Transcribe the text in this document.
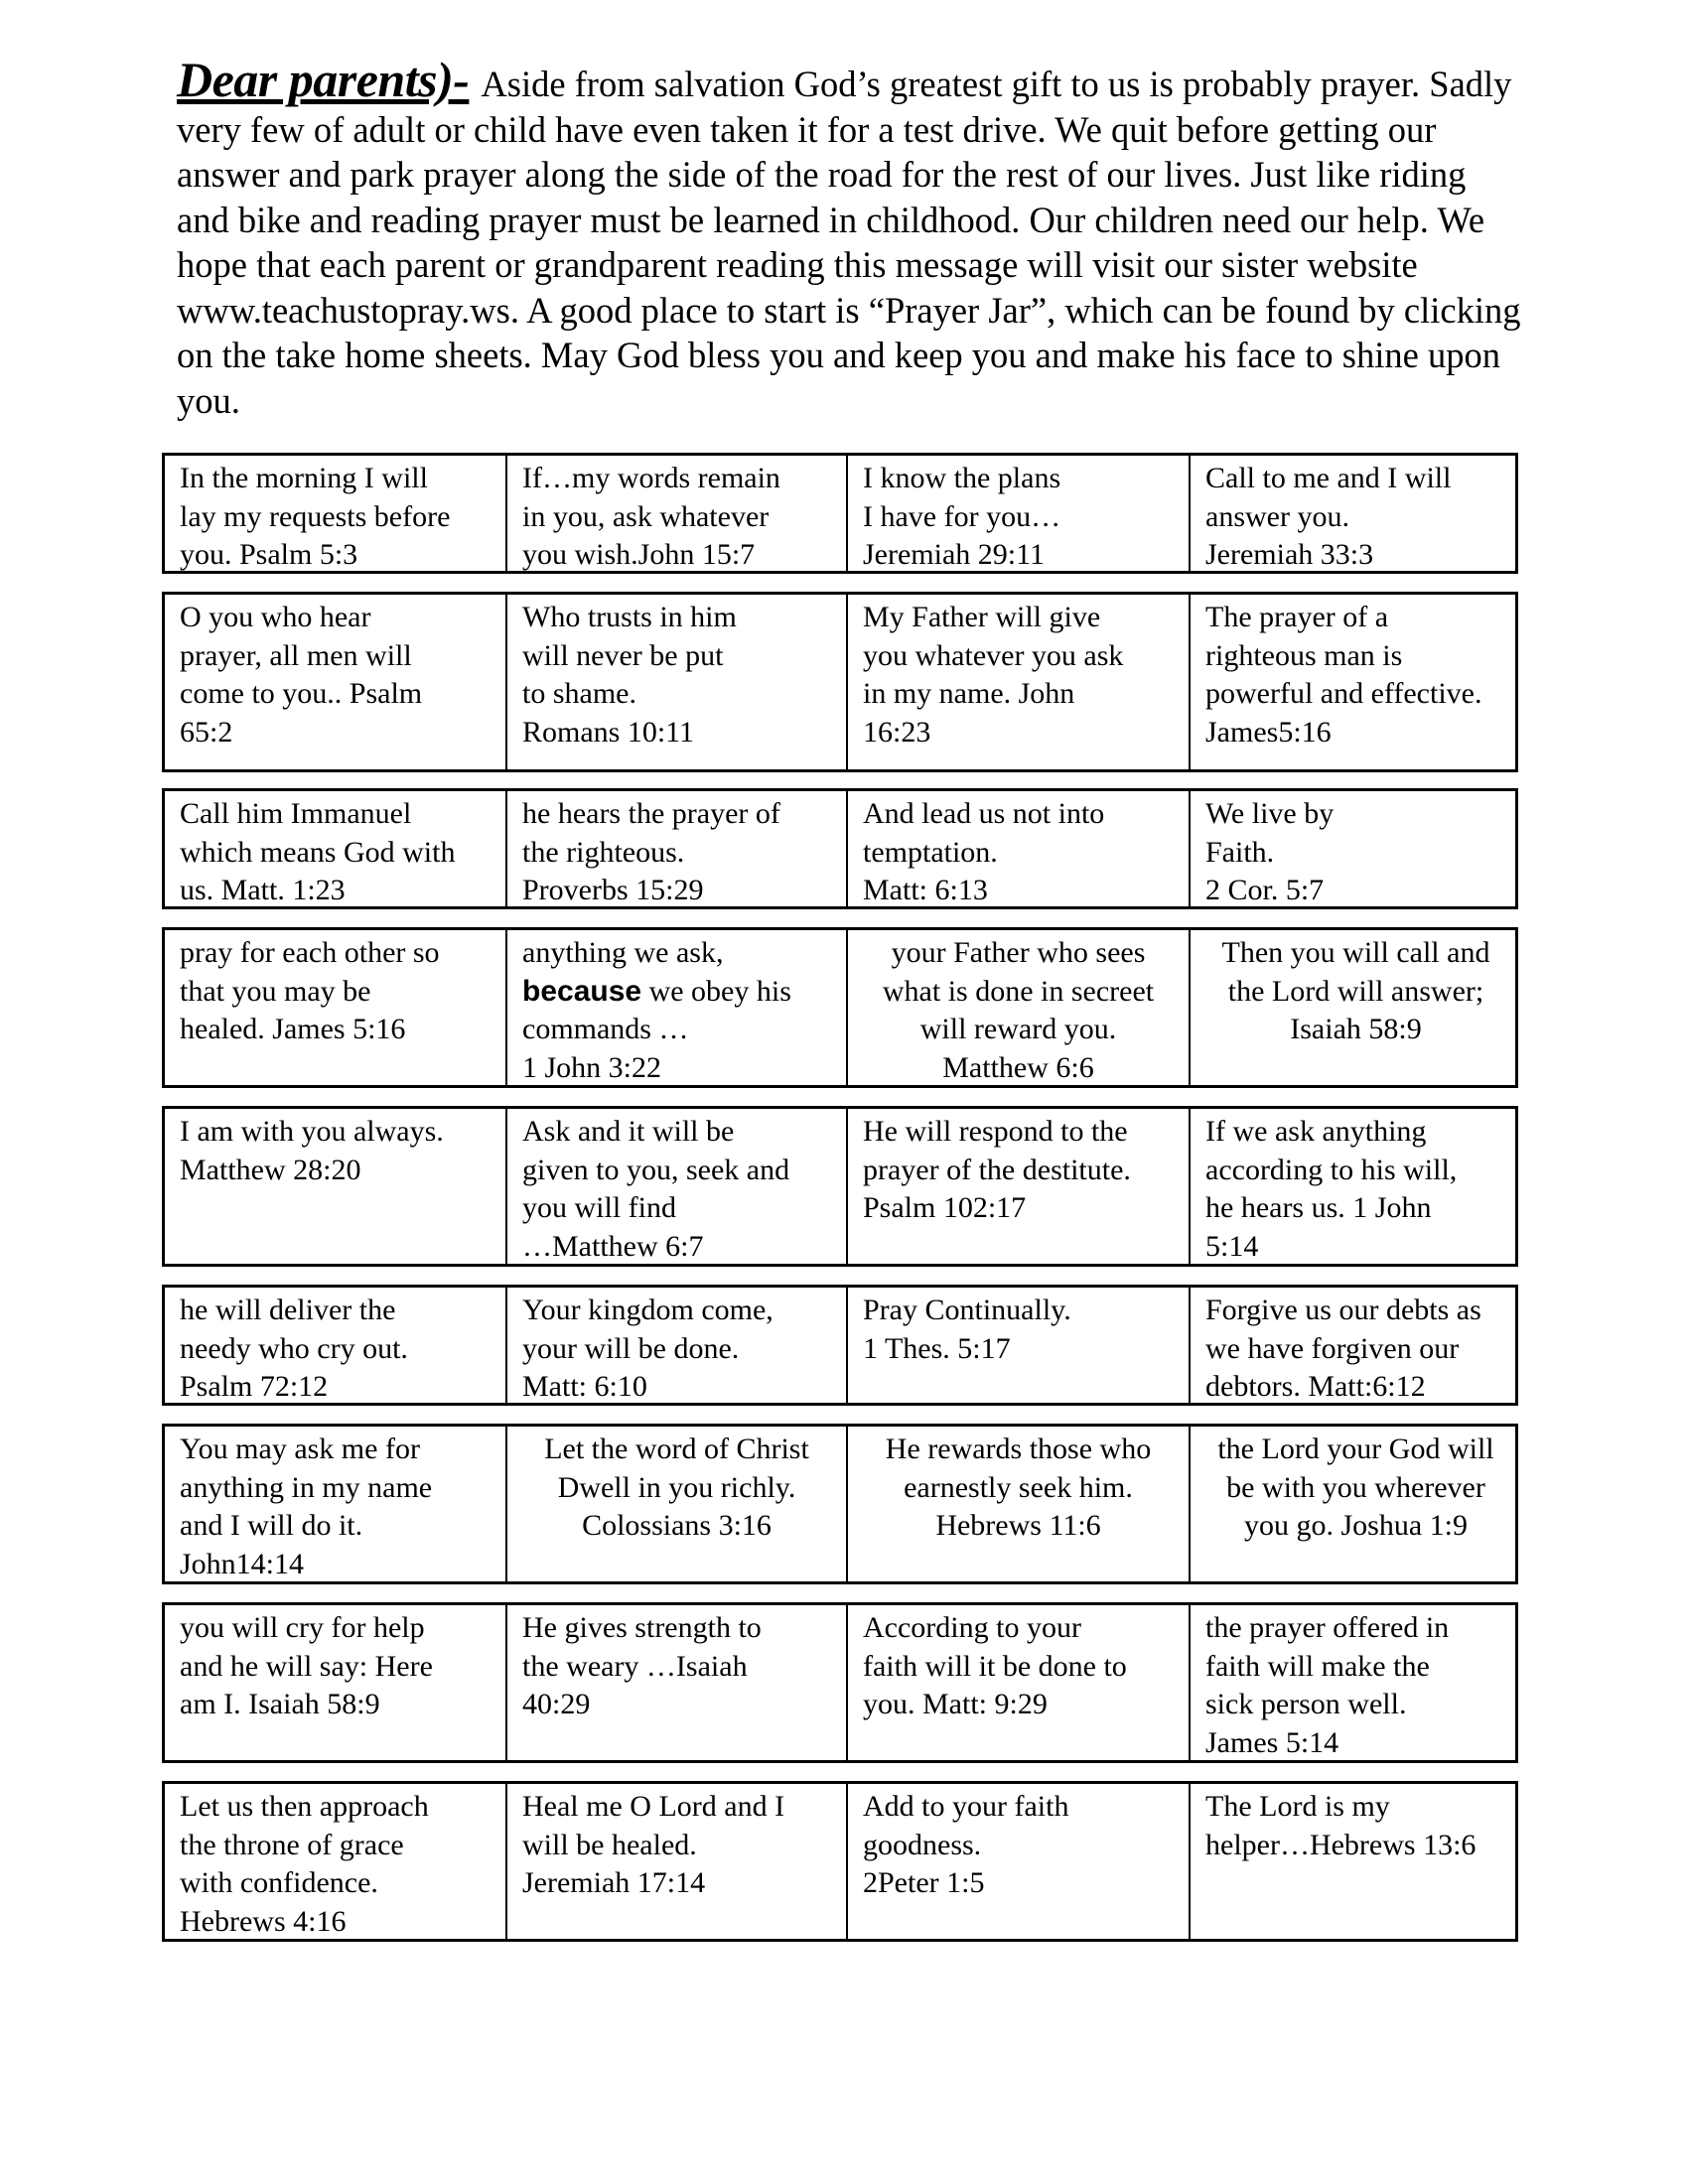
Dear parents)- Aside from salvation God’s greatest gift to us is probably prayer. Sadly very few of adult or child have even taken it for a test drive. We quit before getting our answer and park prayer along the side of the road for the rest of our lives. Just like riding and bike and reading prayer must be learned in childhood. Our children need our help. We hope that each parent or grandparent reading this message will visit our sister website www.teachustopray.ws. A good place to start is “Prayer Jar”, which can be found by clicking on the take home sheets. May God bless you and keep you and make his face to shine upon you.
In the morning I will
lay my requests before
you. Psalm 5:3
If…my words remain
in you, ask whatever
you wish.John 15:7
I know the plans
I have for you…
Jeremiah 29:11
Call to me and I will
answer you.
Jeremiah 33:3
O you who hear
prayer, all men will
come to you.. Psalm
65:2
Who trusts in him
will never be put
to shame.
Romans 10:11
My Father will give
you whatever you ask
in my name. John
16:23
The prayer of a
righteous man is
powerful and effective.
James5:16
Call him Immanuel
which means God with
us. Matt. 1:23
he hears the prayer of
the righteous.
Proverbs 15:29
And lead us not into
temptation.
Matt: 6:13
We live by
Faith.
2 Cor. 5:7
pray for each other so
that you may be
healed. James 5:16
anything we ask,
because we obey his
commands …
1 John 3:22
your Father who sees
what is done in secreet
will reward you.
Matthew 6:6
Then you will call and
the Lord will answer;
Isaiah 58:9
I am with you always.
Matthew 28:20
Ask and it will be
given to you, seek and
you will find
…Matthew 6:7
He will respond to the
prayer of the destitute.
Psalm 102:17
If we ask anything
according to his will,
he hears us. 1 John
5:14
he will deliver the
needy who cry out.
Psalm 72:12
Your kingdom come,
your will be done.
Matt: 6:10
Pray Continually.
1 Thes. 5:17
Forgive us our debts as
we have forgiven our
debtors. Matt:6:12
You may ask me for
anything in my name
and I will do it.
John14:14
Let the word of Christ
Dwell in you richly.
Colossians 3:16
He rewards those who
earnestly seek him.
Hebrews 11:6
the Lord your God will
be with you wherever
you go. Joshua 1:9
you will cry for help
and he will say: Here
am I. Isaiah 58:9
He gives strength to
the weary …Isaiah
40:29
According to your
faith will it be done to
you. Matt: 9:29
the prayer offered in
faith will make the
sick person well.
James 5:14
Let us then approach
the throne of grace
with confidence.
Hebrews 4:16
Heal me O Lord and I
will be healed.
Jeremiah 17:14
Add to your faith
goodness.
2Peter 1:5
The Lord is my
helper…Hebrews 13:6
